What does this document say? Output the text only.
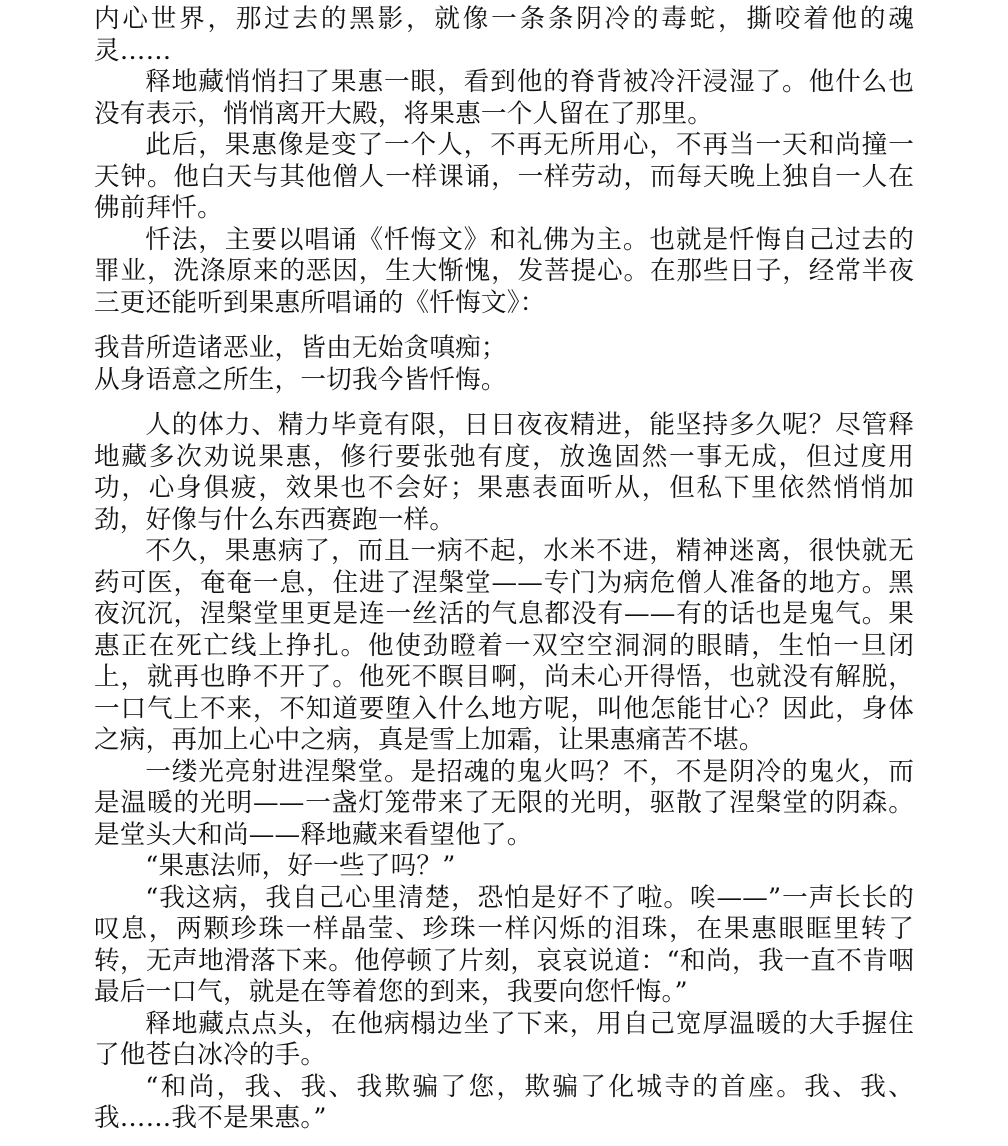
内心世界，那过去的黑影，就像一条条阴冷的毒蛇，撕咬着他的魂灵……

释地藏悄悄扫了果惠一眼，看到他的脊背被冷汗浸湿了。他什么也没有表示，悄悄离开大殿，将果惠一个人留在了那里。

此后，果惠像是变了一个人，不再无所用心，不再当一天和尚撞一天钟。他白天与其他僧人一样课诵，一样劳动，而每天晚上独自一人在佛前拜忏。

忏法，主要以唱诵《忏悔文》和礼佛为主。也就是忏悔自己过去的罪业，洗涤原来的恶因，生大惭愧，发菩提心。在那些日子，经常半夜三更还能听到果惠所唱诵的《忏悔文》：

我昔所造诸恶业，皆由无始贪嗔痴；
从身语意之所生，一切我今皆忏悔。

人的体力、精力毕竟有限，日日夜夜精进，能坚持多久呢？尽管释地藏多次劝说果惠，修行要张弛有度，放逸固然一事无成，但过度用功，心身俱疲，效果也不会好；果惠表面听从，但私下里依然悄悄加劲，好像与什么东西赛跑一样。

不久，果惠病了，而且一病不起，水米不进，精神迷离，很快就无药可医，奄奄一息，住进了涅槃堂——专门为病危僧人准备的地方。黑夜沉沉，涅槃堂里更是连一丝活的气息都没有——有的话也是鬼气。果惠正在死亡线上挣扎。他使劲瞪着一双空空洞洞的眼睛，生怕一旦闭上，就再也睁不开了。他死不瞑目啊，尚未心开得悟，也就没有解脱，一口气上不来，不知道要堕入什么地方呢，叫他怎能甘心？因此，身体之病，再加上心中之病，真是雪上加霜，让果惠痛苦不堪。

一缕光亮射进涅槃堂。是招魂的鬼火吗？不，不是阴冷的鬼火，而是温暖的光明——一盏灯笼带来了无限的光明，驱散了涅槃堂的阴森。是堂头大和尚——释地藏来看望他了。

“果惠法师，好一些了吗？”

“我这病，我自己心里清楚，恐怕是好不了啦。唉——”一声长长的叹息，两颗珍珠一样晶莹、珍珠一样闪烁的泪珠，在果惠眼眶里转了转，无声地滑落下来。他停顿了片刻，哀哀说道：“和尚，我一直不肯咽最后一口气，就是在等着您的到来，我要向您忏悔。”

释地藏点点头，在他病榻边坐了下来，用自己宽厚温暖的大手握住了他苍白冰冷的手。

“和尚，我、我、我欺骗了您，欺骗了化城寺的首座。我、我、我……我不是果惠。”
